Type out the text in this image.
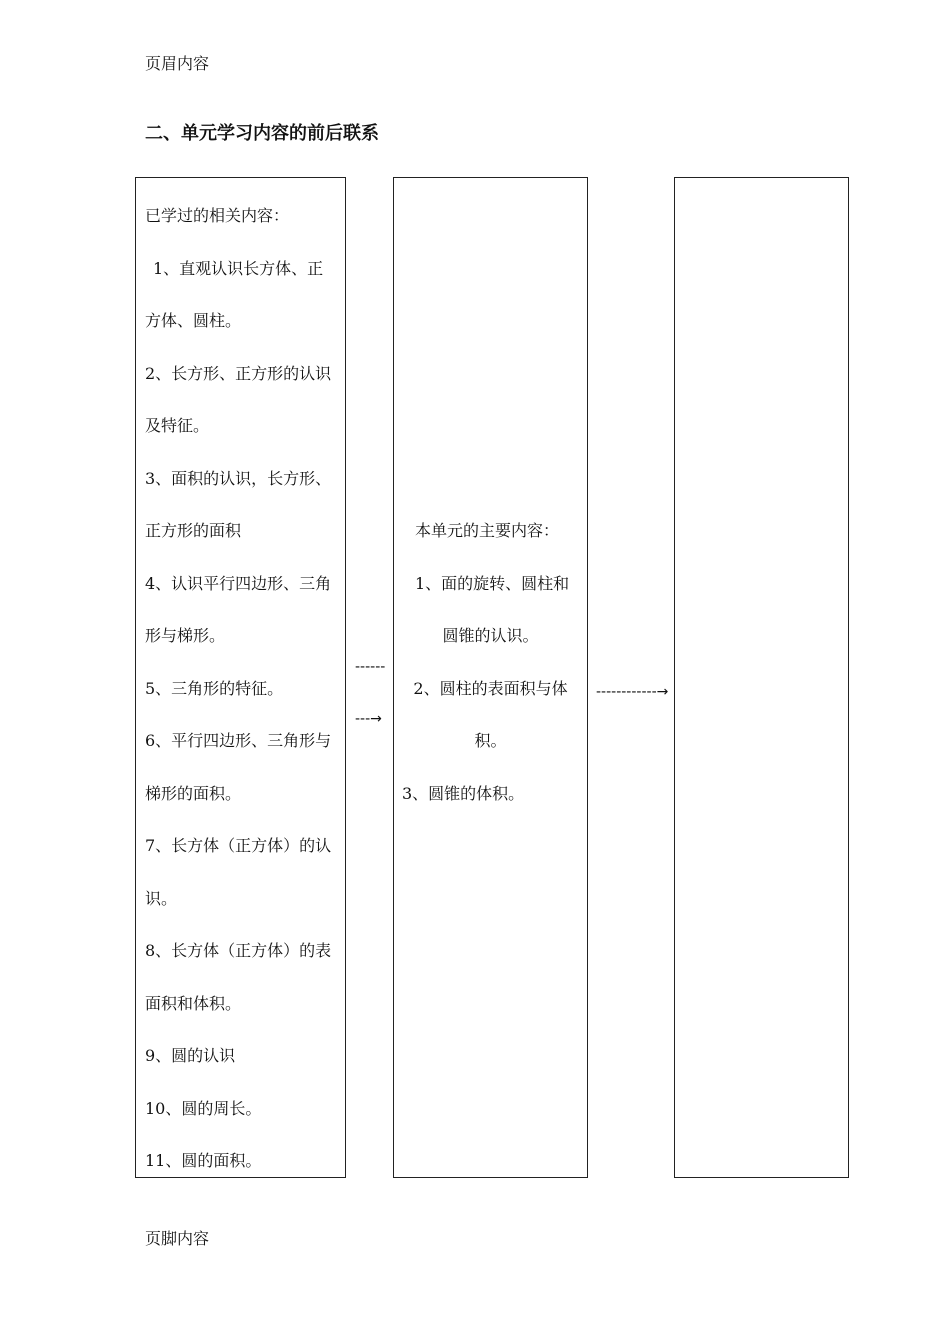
页眉内容
二、单元学习内容的前后联系
已学过的相关内容：
1、直观认识长方体、正
方体、圆柱。
2、长方形、正方形的认识
及特征。
3、面积的认识，长方形、
正方形的面积
4、认识平行四边形、三角
形与梯形。
5、三角形的特征。
6、平行四边形、三角形与
梯形的面积。
7、长方体（正方体）的认
识。
8、长方体（正方体）的表
面积和体积。
9、圆的认识
10、圆的周长。
11、圆的面积。
------
---→
本单元的主要内容：
1、面的旋转、圆柱和
圆锥的认识。
2、圆柱的表面积与体
积。
3、圆锥的体积。
------------→
页脚内容
